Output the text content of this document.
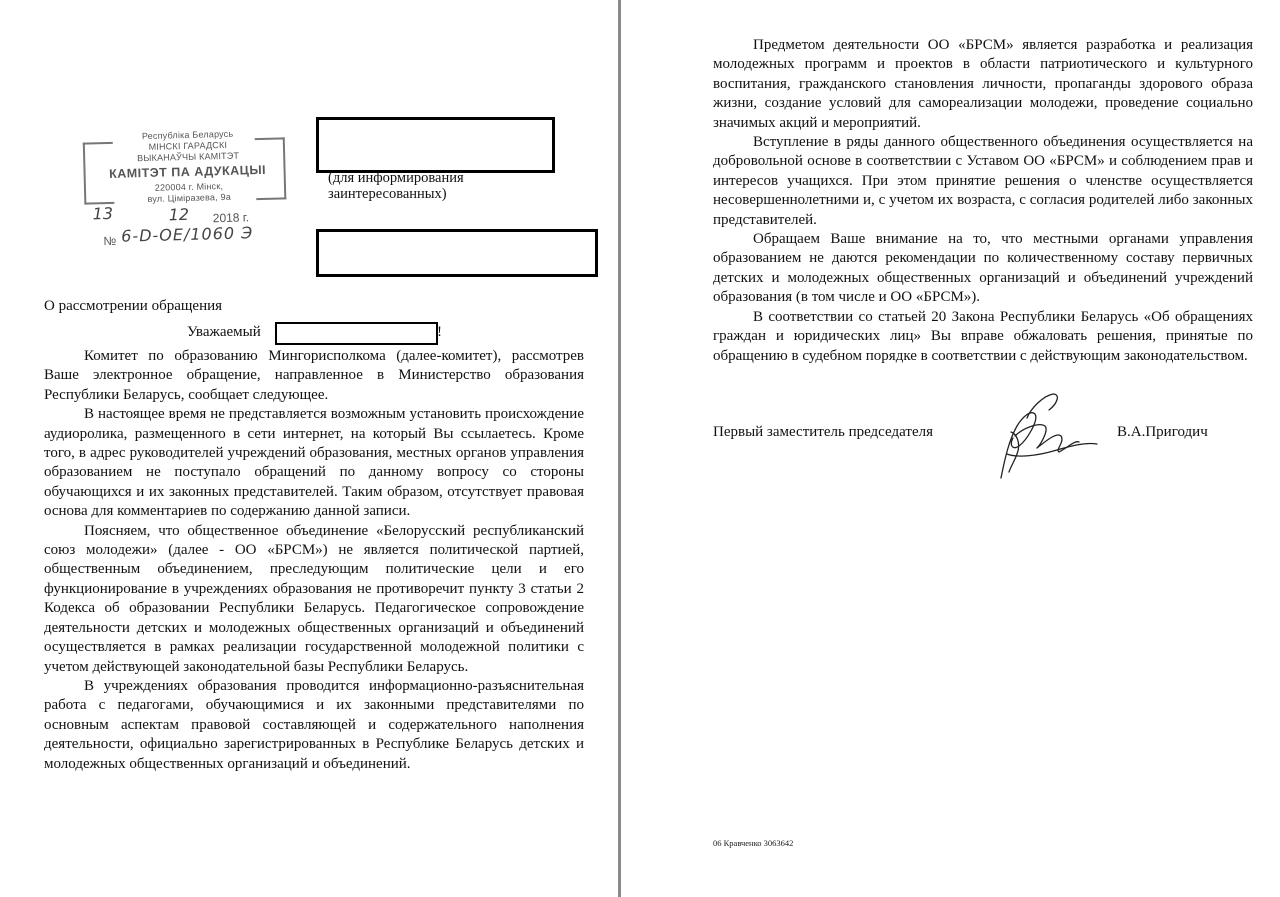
Республіка Беларусь
МІНСКІ ГАРАДСКІ
ВЫКАНАЎЧЫ КАМІТЭТ
КАМІТЭТ ПА АДУКАЦЫІ
220004 г. Мінск,
вул. Ціміразева, 9а
13	12 2018 г.
№ 6-D-OE/1060 Э
(для информирования заинтересованных)
О рассмотрении обращения
Уважаемый	!

Комитет по образованию Мингорисполкома (далее-комитет), рассмотрев Ваше электронное обращение, направленное в Министерство образования Республики Беларусь, сообщает следующее.

В настоящее время не представляется возможным установить происхождение аудиоролика, размещенного в сети интернет, на который Вы ссылаетесь. Кроме того, в адрес руководителей учреждений образования, местных органов управления образованием не поступало обращений по данному вопросу со стороны обучающихся и их законных представителей. Таким образом, отсутствует правовая основа для комментариев по содержанию данной записи.

Поясняем, что общественное объединение «Белорусский республиканский союз молодежи» (далее - ОО «БРСМ») не является политической партией, общественным объединением, преследующим политические цели и его функционирование в учреждениях образования не противоречит пункту 3 статьи 2 Кодекса об образовании Республики Беларусь. Педагогическое сопровождение деятельности детских и молодежных общественных организаций и объединений осуществляется в рамках реализации государственной молодежной политики с учетом действующей законодательной базы Республики Беларусь.

В учреждениях образования проводится информационно-разъяснительная работа с педагогами, обучающимися и их законными представителями по основным аспектам правовой составляющей и содержательного наполнения деятельности, официально зарегистрированных в Республике Беларусь детских и молодежных общественных организаций и объединений.

Предметом деятельности ОО «БРСМ» является разработка и реализация молодежных программ и проектов в области патриотического и культурного воспитания, гражданского становления личности, пропаганды здорового образа жизни, создание условий для самореализации молодежи, проведение социально значимых акций и мероприятий.

Вступление в ряды данного общественного объединения осуществляется на добровольной основе в соответствии с Уставом ОО «БРСМ» и соблюдением прав и интересов учащихся. При этом принятие решения о членстве осуществляется несовершеннолетними и, с учетом их возраста, с согласия родителей либо законных представителей.

Обращаем Ваше внимание на то, что местными органами управления образованием не даются рекомендации по количественному составу первичных детских и молодежных общественных организаций и объединений учреждений образования (в том числе и ОО «БРСМ»).

В соответствии со статьей 20 Закона Республики Беларусь «Об обращениях граждан и юридических лиц» Вы вправе обжаловать решения, принятые по обращению в судебном порядке в соответствии с действующим законодательством.

Первый заместитель председателя	В.А.Пригодич
06 Кравченко 3063642
